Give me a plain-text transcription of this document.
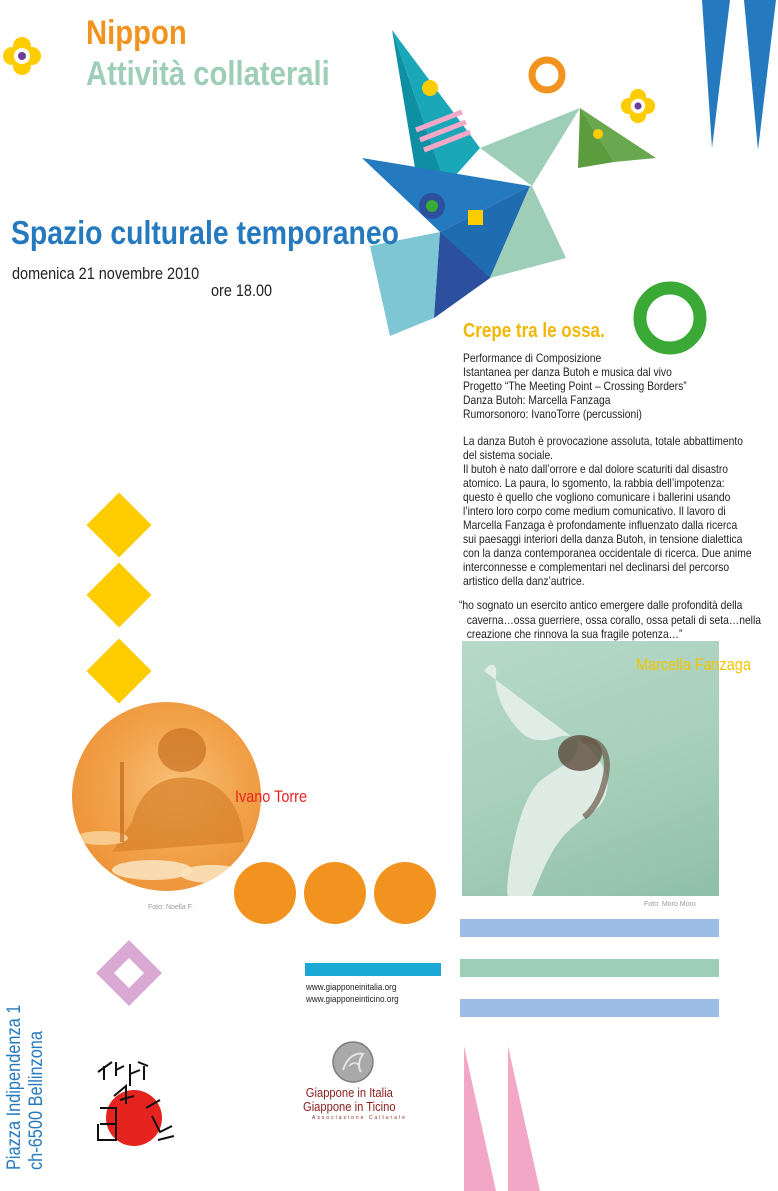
Nippon
Attività collaterali
Spazio culturale temporaneo
domenica 21 novembre 2010
ore 18.00
Crepe tra le ossa.
Performance di Composizione
Istantanea per danza Butoh e musica dal vivo
Progetto “The Meeting Point – Crossing Borders”
Danza Butoh: Marcella Fanzaga
Rumorsonoro: IvanoTorre (percussioni)
La danza Butoh è provocazione assoluta, totale abbattimento
del sistema sociale.
Il butoh è nato dall’orrore e dal dolore scaturiti dal disastro
atomico. La paura, lo sgomento, la rabbia dell’impotenza:
questo è quello che vogliono comunicare i ballerini usando
l’intero loro corpo come medium comunicativo. Il lavoro di
Marcella Fanzaga è profondamente influenzato dalla ricerca
sui paesaggi interiori della danza Butoh, in tensione dialettica
con la danza contemporanea occidentale di ricerca. Due anime
interconnesse e complementari nel declinarsi del percorso
artistico della danz’autrice.
“ho sognato un esercito antico emergere dalle profondità della
caverna…ossa guerriere, ossa corallo, ossa petali di seta…nella
creazione che rinnova la sua fragile potenza…”
Marcella Fanzaga
Foto: Moro Moro
Ivano Torre
Foto: Noella F.
www.giapponeinitalia.org
www.giapponeinticino.org
Giappone in Italia
Giappone in Ticino
Associazione Culturale
Piazza Indipendenza 1 ch-6500 Bellinzona
